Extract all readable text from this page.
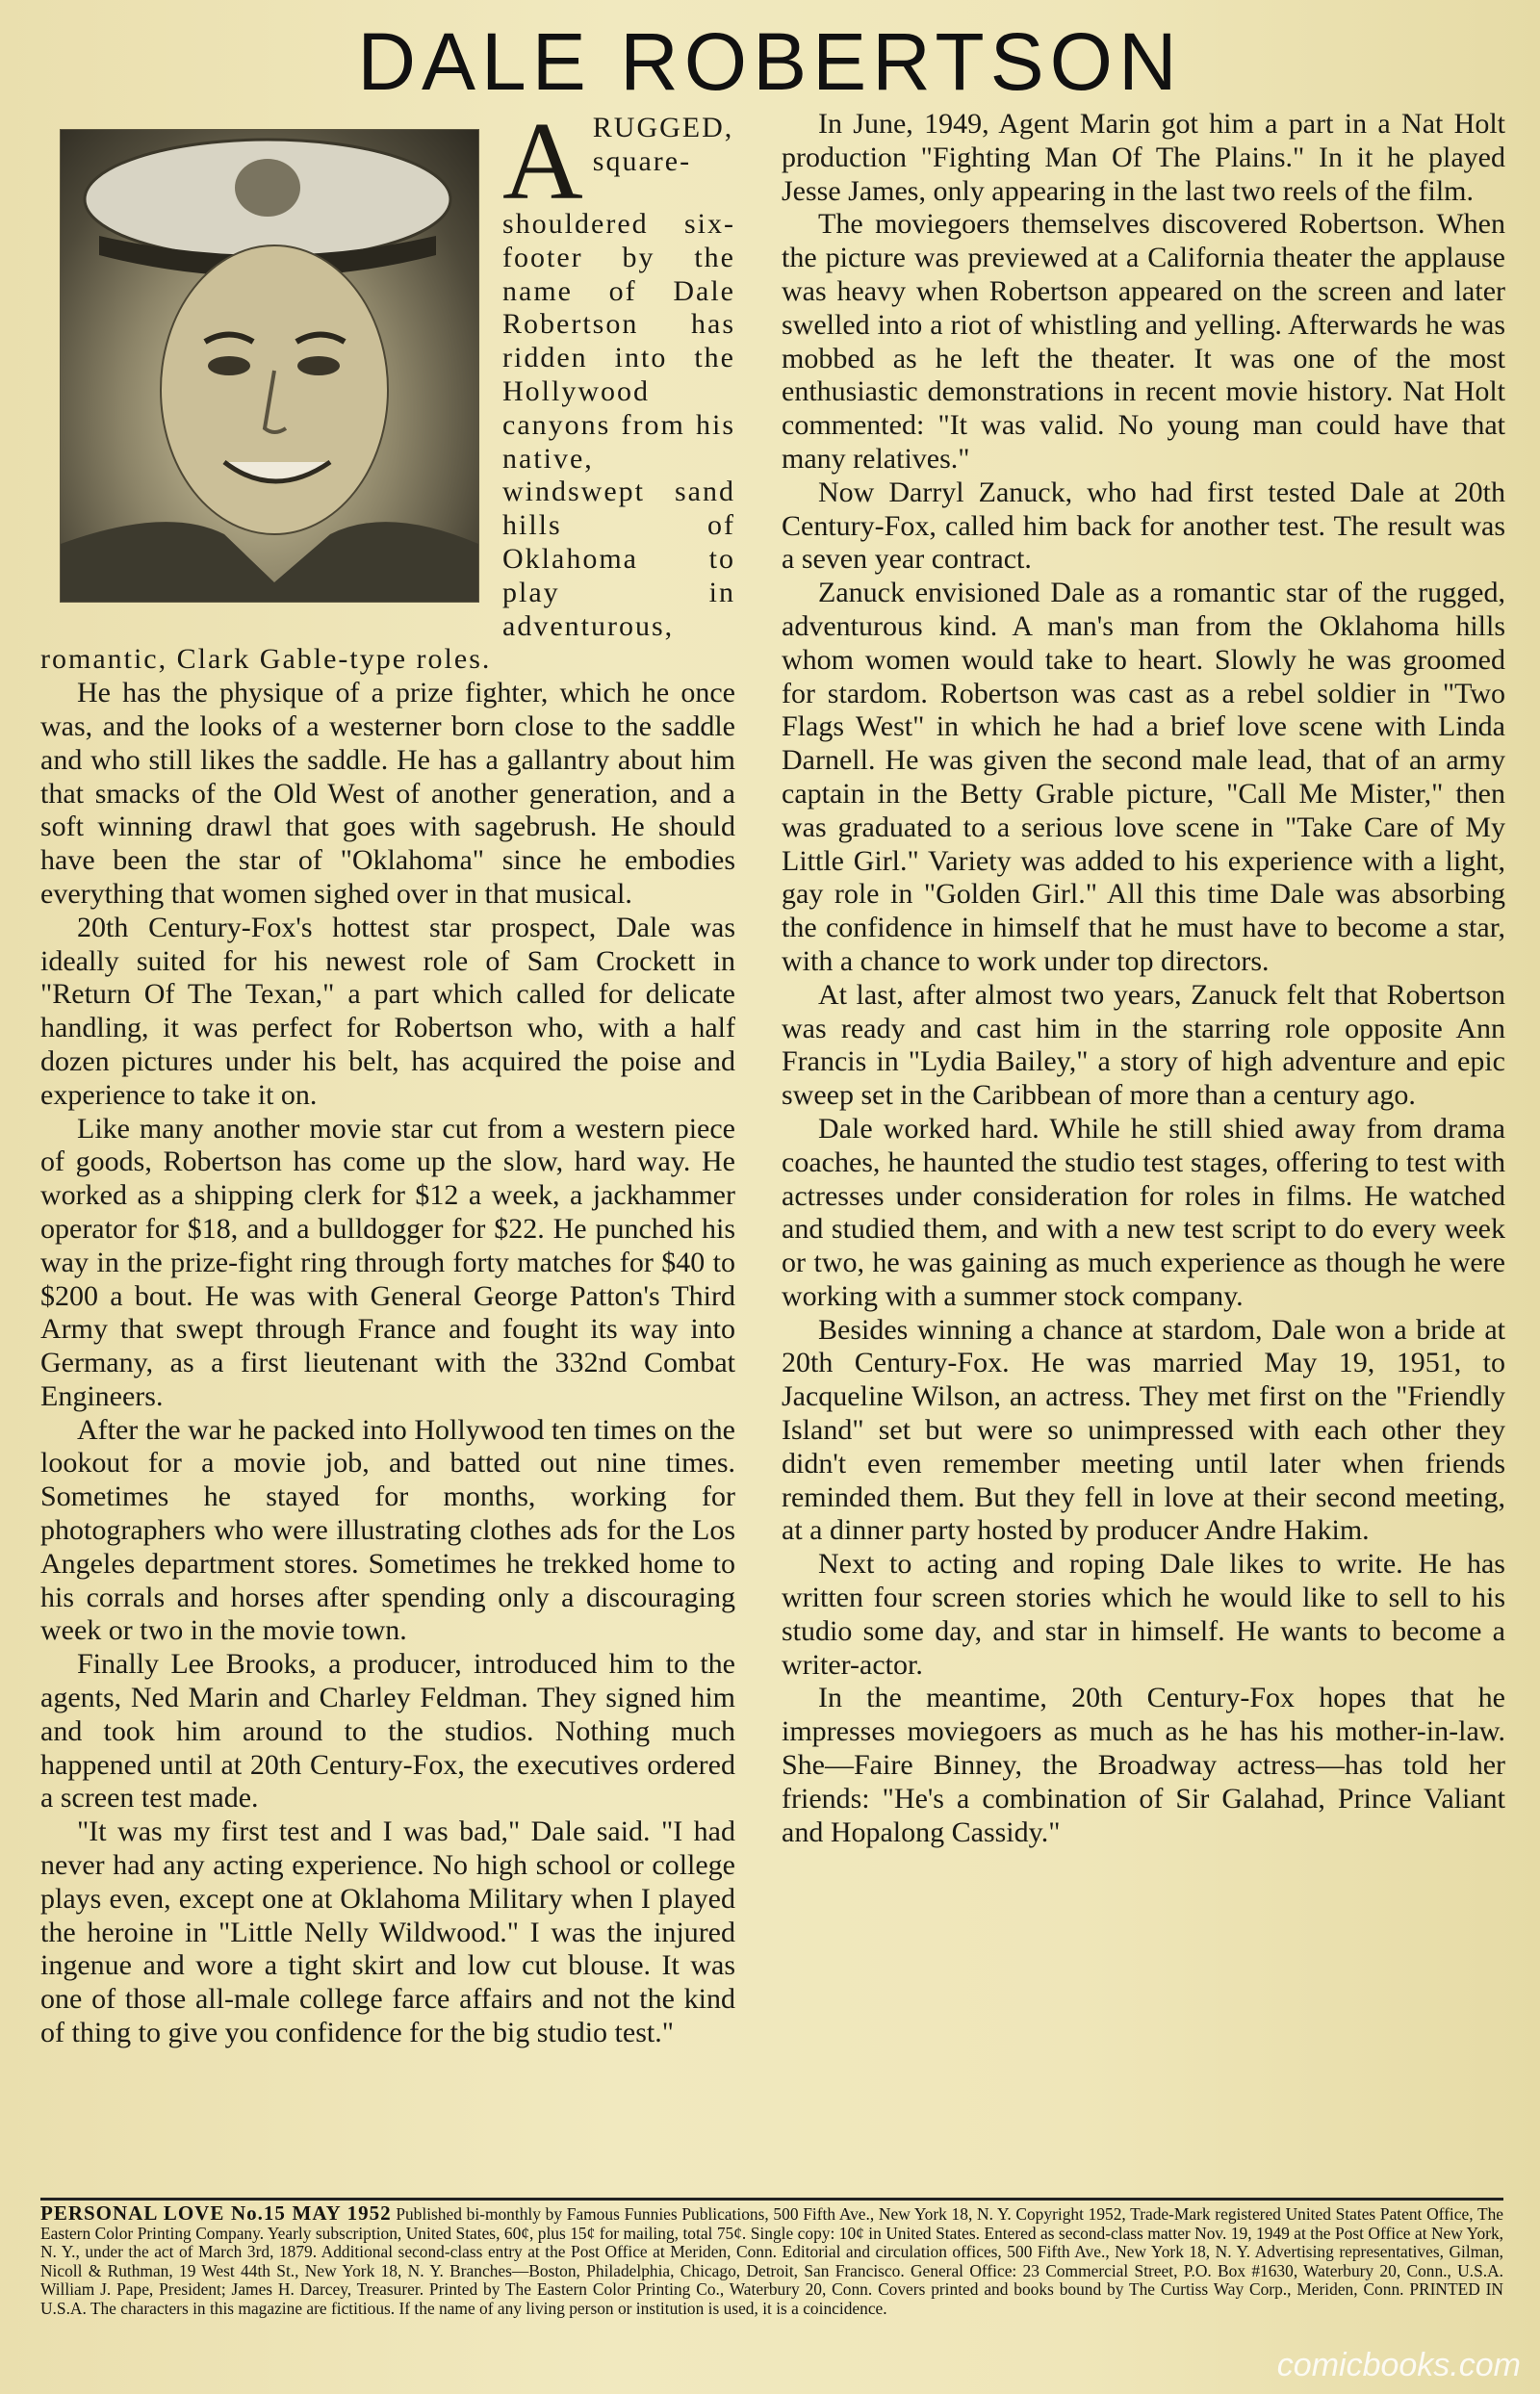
DALE ROBERTSON
A RUGGED, square-shouldered six-footer by the name of Dale Robertson has ridden into the Hollywood canyons from his native, windswept sand hills of Oklahoma to play in adventurous, romantic, Clark Gable-type roles.

He has the physique of a prize fighter, which he once was, and the looks of a westerner born close to the saddle and who still likes the saddle. He has a gallantry about him that smacks of the Old West of another generation, and a soft winning drawl that goes with sagebrush. He should have been the star of "Oklahoma" since he embodies everything that women sighed over in that musical.

20th Century-Fox's hottest star prospect, Dale was ideally suited for his newest role of Sam Crockett in "Return Of The Texan," a part which called for delicate handling, it was perfect for Robertson who, with a half dozen pictures under his belt, has acquired the poise and experience to take it on.

Like many another movie star cut from a western piece of goods, Robertson has come up the slow, hard way. He worked as a shipping clerk for $12 a week, a jackhammer operator for $18, and a bulldogger for $22. He punched his way in the prize-fight ring through forty matches for $40 to $200 a bout. He was with General George Patton's Third Army that swept through France and fought its way into Germany, as a first lieutenant with the 332nd Combat Engineers.

After the war he packed into Hollywood ten times on the lookout for a movie job, and batted out nine times. Sometimes he stayed for months, working for photographers who were illustrating clothes ads for the Los Angeles department stores. Sometimes he trekked home to his corrals and horses after spending only a discouraging week or two in the movie town.

Finally Lee Brooks, a producer, introduced him to the agents, Ned Marin and Charley Feldman. They signed him and took him around to the studios. Nothing much happened until at 20th Century-Fox, the executives ordered a screen test made.

"It was my first test and I was bad," Dale said. "I had never had any acting experience. No high school or college plays even, except one at Oklahoma Military when I played the heroine in "Little Nelly Wildwood." I was the injured ingenue and wore a tight skirt and low cut blouse. It was one of those all-male college farce affairs and not the kind of thing to give you confidence for the big studio test."

In June, 1949, Agent Marin got him a part in a Nat Holt production "Fighting Man Of The Plains." In it he played Jesse James, only appearing in the last two reels of the film.

The moviegoers themselves discovered Robertson. When the picture was previewed at a California theater the applause was heavy when Robertson appeared on the screen and later swelled into a riot of whistling and yelling. Afterwards he was mobbed as he left the theater. It was one of the most enthusiastic demonstrations in recent movie history. Nat Holt commented: "It was valid. No young man could have that many relatives."

Now Darryl Zanuck, who had first tested Dale at 20th Century-Fox, called him back for another test. The result was a seven year contract.

Zanuck envisioned Dale as a romantic star of the rugged, adventurous kind. A man's man from the Oklahoma hills whom women would take to heart. Slowly he was groomed for stardom. Robertson was cast as a rebel soldier in "Two Flags West" in which he had a brief love scene with Linda Darnell. He was given the second male lead, that of an army captain in the Betty Grable picture, "Call Me Mister," then was graduated to a serious love scene in "Take Care of My Little Girl." Variety was added to his experience with a light, gay role in "Golden Girl." All this time Dale was absorbing the confidence in himself that he must have to become a star, with a chance to work under top directors.

At last, after almost two years, Zanuck felt that Robertson was ready and cast him in the starring role opposite Ann Francis in "Lydia Bailey," a story of high adventure and epic sweep set in the Caribbean of more than a century ago.

Dale worked hard. While he still shied away from drama coaches, he haunted the studio test stages, offering to test with actresses under consideration for roles in films. He watched and studied them, and with a new test script to do every week or two, he was gaining as much experience as though he were working with a summer stock company.

Besides winning a chance at stardom, Dale won a bride at 20th Century-Fox. He was married May 19, 1951, to Jacqueline Wilson, an actress. They met first on the "Friendly Island" set but were so unimpressed with each other they didn't even remember meeting until later when friends reminded them. But they fell in love at their second meeting, at a dinner party hosted by producer Andre Hakim.

Next to acting and roping Dale likes to write. He has written four screen stories which he would like to sell to his studio some day, and star in himself. He wants to become a writer-actor.

In the meantime, 20th Century-Fox hopes that he impresses moviegoers as much as he has his mother-in-law. She—Faire Binney, the Broadway actress—has told her friends: "He's a combination of Sir Galahad, Prince Valiant and Hopalong Cassidy."

PERSONAL LOVE No.15 MAY 1952 Published bi-monthly by Famous Funnies Publications, 500 Fifth Ave., New York 18, N. Y. Copyright 1952, Trade-Mark registered United States Patent Office, The Eastern Color Printing Company. Yearly subscription, United States, 60¢, plus 15¢ for mailing, total 75¢. Single copy: 10¢ in United States. Entered as second-class matter Nov. 19, 1949 at the Post Office at New York, N. Y., under the act of March 3rd, 1879. Additional second-class entry at the Post Office at Meriden, Conn. Editorial and circulation offices, 500 Fifth Ave., New York 18, N. Y. Advertising representatives, Gilman, Nicoll & Ruthman, 19 West 44th St., New York 18, N. Y. Branches—Boston, Philadelphia, Chicago, Detroit, San Francisco. General Office: 23 Commercial Street, P.O. Box #1630, Waterbury 20, Conn., U.S.A. William J. Pape, President; James H. Darcey, Treasurer. Printed by The Eastern Color Printing Co., Waterbury 20, Conn. Covers printed and books bound by The Curtiss Way Corp., Meriden, Conn. PRINTED IN U.S.A. The characters in this magazine are fictitious. If the name of any living person or institution is used, it is a coincidence.
comicbooks.com
